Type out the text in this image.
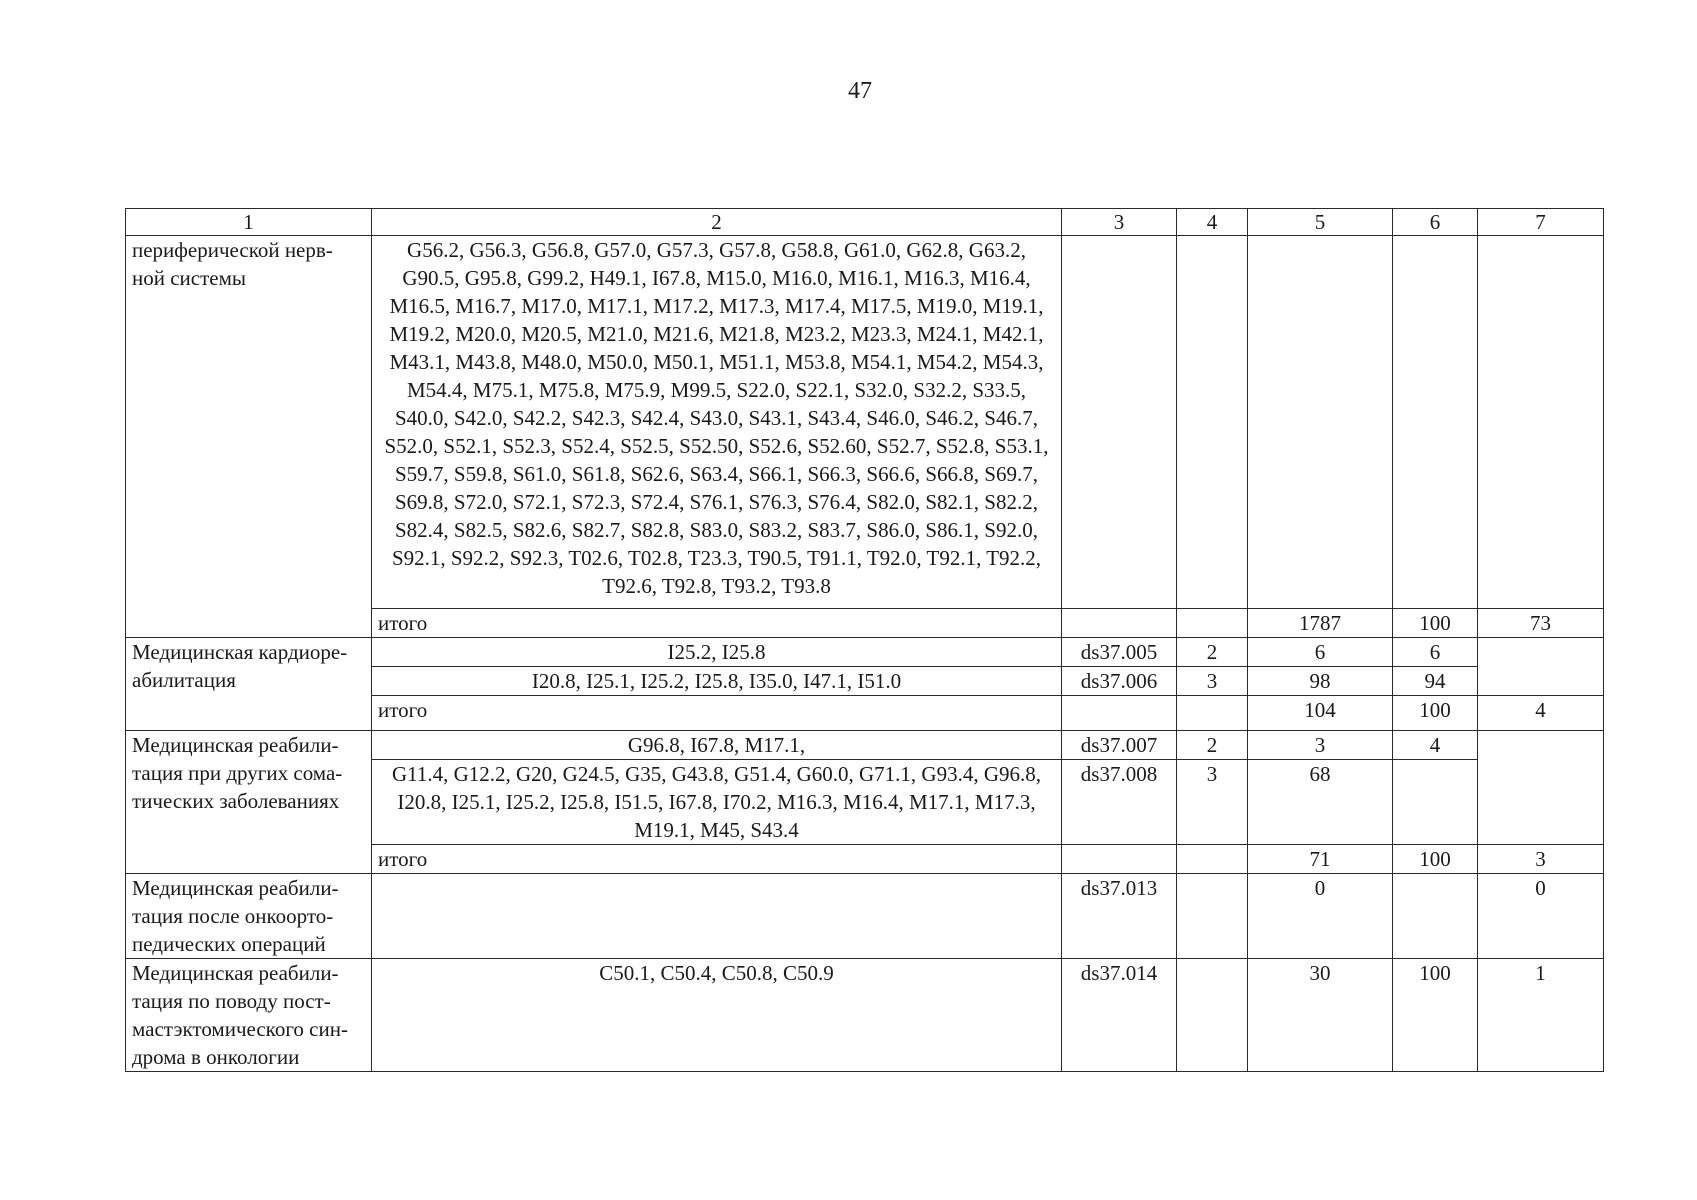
47
1	2	3	4	5	6	7
периферической нерв-ной системы	G56.2, G56.3, G56.8, G57.0, G57.3, G57.8, G58.8, G61.0, G62.8, G63.2, G90.5, G95.8, G99.2, H49.1, I67.8, M15.0, M16.0, M16.1, M16.3, M16.4, M16.5, M16.7, M17.0, M17.1, M17.2, M17.3, M17.4, M17.5, M19.0, M19.1, M19.2, M20.0, M20.5, M21.0, M21.6, M21.8, M23.2, M23.3, M24.1, M42.1, M43.1, M43.8, M48.0, M50.0, M50.1, M51.1, M53.8, M54.1, M54.2, M54.3, M54.4, M75.1, M75.8, M75.9, M99.5, S22.0, S22.1, S32.0, S32.2, S33.5, S40.0, S42.0, S42.2, S42.3, S42.4, S43.0, S43.1, S43.4, S46.0, S46.2, S46.7, S52.0, S52.1, S52.3, S52.4, S52.5, S52.50, S52.6, S52.60, S52.7, S52.8, S53.1, S59.7, S59.8, S61.0, S61.8, S62.6, S63.4, S66.1, S66.3, S66.6, S66.8, S69.7, S69.8, S72.0, S72.1, S72.3, S72.4, S76.1, S76.3, S76.4, S82.0, S82.1, S82.2, S82.4, S82.5, S82.6, S82.7, S82.8, S83.0, S83.2, S83.7, S86.0, S86.1, S92.0, S92.1, S92.2, S92.3, T02.6, T02.8, T23.3, T90.5, T91.1, T92.0, T92.1, T92.2, T92.6, T92.8, T93.2, T93.8					
	итого			1787	100	73
Медицинская кардиоре-абилитация	I25.2, I25.8	ds37.005	2	6	6	
	I20.8, I25.1, I25.2, I25.8, I35.0, I47.1, I51.0	ds37.006	3	98	94	
	итого			104	100	4
Медицинская реабили-тация при других сома-тических заболеваниях	G96.8, I67.8, M17.1,	ds37.007	2	3	4	
	G11.4, G12.2, G20, G24.5, G35, G43.8, G51.4, G60.0, G71.1, G93.4, G96.8, I20.8, I25.1, I25.2, I25.8, I51.5, I67.8, I70.2, M16.3, M16.4, M17.1, M17.3, M19.1, M45, S43.4	ds37.008	3	68		
	итого			71	100	3
Медицинская реабили-тация после онкоорто-педических операций		ds37.013		0		0
Медицинская реабили-тация по поводу пост-мастэктомического син-дрома в онкологии	C50.1, C50.4, C50.8, C50.9	ds37.014		30	100	1
